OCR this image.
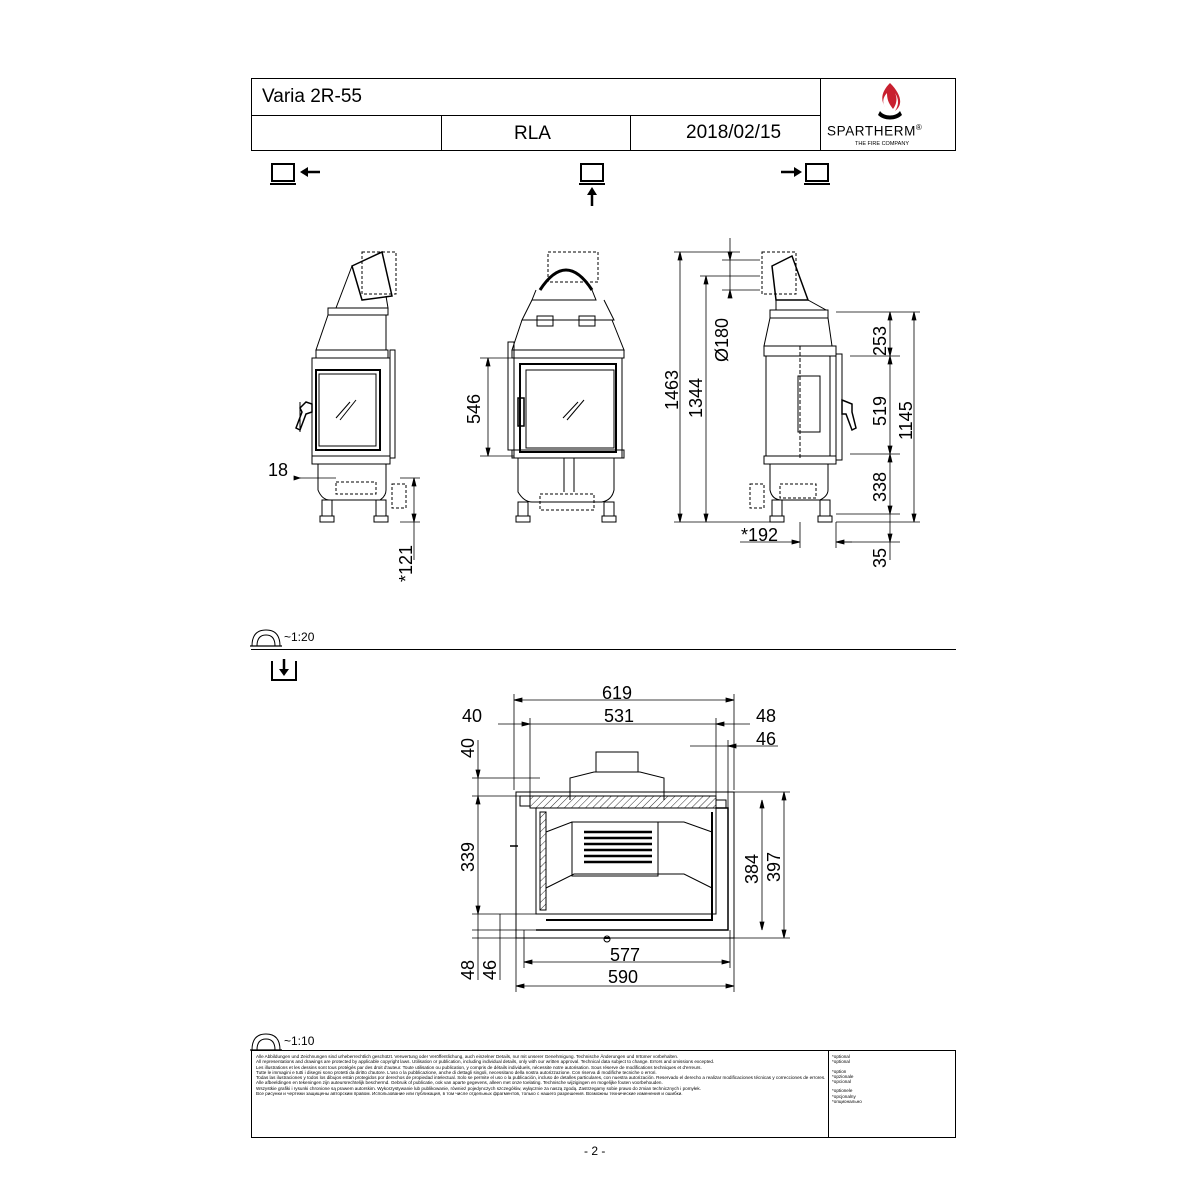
Varia 2R-55
RLA	2018/02/15	SPARTHERM®
THE FIRE COMPANY
18
*121
546	1463 1344
Ø180	253
519
338
1145
*192
35
~1:20
619
531
40	48
46
40
339	384 397
577
590
48 46
~1:10
Alle Abbildungen und Zeichnungen sind urheberrechtlich geschützt. Verwertung oder Veröffentlichung, auch einzelner Details, nur mit unserer Genehmigung. Technische Änderungen und Irrtümer vorbehalten.
All representations and drawings are protected by applicable copyright laws. Utilisation or publication, including individual details, only with our written approval. Technical data subject to change. Errors and omissions excepted.
Les illustrations et les dessins sont tous protégés par des droit d'auteur. Toute utilisation ou publication, y compris de détails individuels, nécessite notre autorisation. Sous réserve de modifications techniques et d'erreurs.
Tutte le immagini e tutti i disegni sono protetti da diritto d'autore. L'uso o la pubblicazione, anche di dettagli singoli, necessitano della nostra autorizzazione. Con riserva di modifiche tecniche o errori.
Todas las ilustraciones y todos los dibujos están protegidos por derechos de propiedad intelectual. Solo se permite el uso o la publicación, incluso de detalles particulares, con nuestra autorización. Reservado el derecho a realizar modificaciones técnicas y correcciones de errores.
Alle afbeeldingen en tekeningen zijn auteursrechtelijk beschermd. Gebruik of publicatie, ook van aparte gegevens, alleen met onze toelating. Technische wijzigingen en mogelijke fouten voorbehouden.
Wszystkie grafiki i rysunki chronione są prawem autorskim. Wykorzystywanie lub publikowanie, również pojedynczych szczegółów, wyłącznie za naszą zgodą. Zastrzegamy sobie prawo do zmian technicznych i pomyłek.
Все рисунки и чертежи защищены авторским правом. Использование или публикация, в том числе отдельных фрагментов, только с нашего разрешения. Возможны технические изменения и ошибки.
*optional
*optional
*option
*opzionale
*opcional
*optionele
*opcjonalny
*опционально
- 2 -
